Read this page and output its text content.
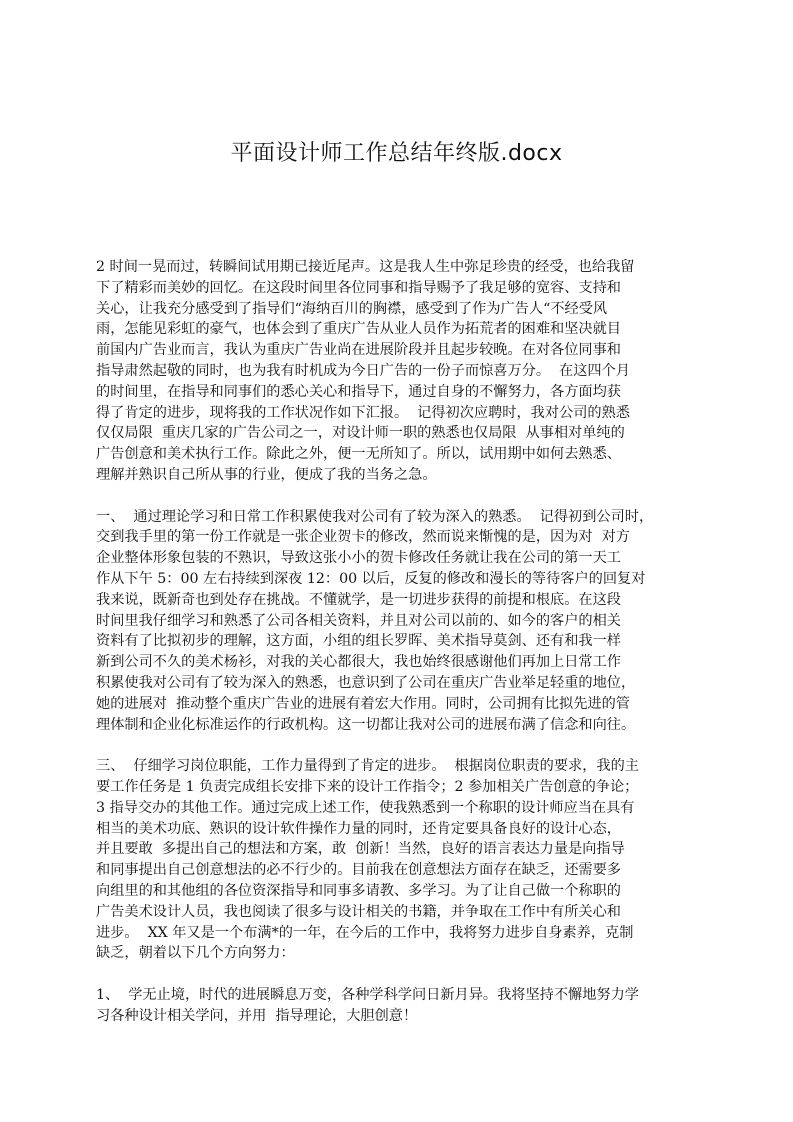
平面设计师工作总结年终版.docx

2 时间一晃而过，转瞬间试用期已接近尾声。这是我人生中弥足珍贵的经受，也给我留
下了精彩而美妙的回忆。在这段时间里各位同事和指导赐予了我足够的宽容、支持和
关心，让我充分感受到了指导们“海纳百川的胸襟，感受到了作为广告人“不经受风
雨，怎能见彩虹的豪气，也体会到了重庆广告从业人员作为拓荒者的困难和坚决就目
前国内广告业而言，我认为重庆广告业尚在进展阶段并且起步较晚。在对各位同事和
指导肃然起敬的同时，也为我有时机成为今日广告的一份子而惊喜万分。  在这四个月
的时间里，在指导和同事们的悉心关心和指导下，通过自身的不懈努力，各方面均获
得了肯定的进步，现将我的工作状况作如下汇报。  记得初次应聘时，我对公司的熟悉
仅仅局限  重庆几家的广告公司之一，对设计师一职的熟悉也仅局限  从事相对单纯的
广告创意和美术执行工作。除此之外，便一无所知了。所以，试用期中如何去熟悉、
理解并熟识自己所从事的行业，便成了我的当务之急。

一、  通过理论学习和日常工作积累使我对公司有了较为深入的熟悉。  记得初到公司时，
交到我手里的第一份工作就是一张企业贺卡的修改，然而说来惭愧的是，因为对  对方
企业整体形象包装的不熟识，导致这张小小的贺卡修改任务就让我在公司的第一天工
作从下午 5：00 左右持续到深夜 12：00 以后，反复的修改和漫长的等待客户的回复对
我来说，既新奇也到处存在挑战。不懂就学，是一切进步获得的前提和根底。在这段
时间里我仔细学习和熟悉了公司各相关资料，并且对公司以前的、如今的客户的相关
资料有了比拟初步的理解，这方面，小组的组长罗晖、美术指导莫剑、还有和我一样
新到公司不久的美术杨衫，对我的关心都很大，我也始终很感谢他们再加上日常工作
积累使我对公司有了较为深入的熟悉，也意识到了公司在重庆广告业举足轻重的地位，
她的进展对  推动整个重庆广告业的进展有着宏大作用。同时，公司拥有比拟先进的管
理体制和企业化标准运作的行政机构。这一切都让我对公司的进展布满了信念和向往。

三、  仔细学习岗位职能，工作力量得到了肯定的进步。  根据岗位职责的要求，我的主
要工作任务是 1 负责完成组长安排下来的设计工作指令；2 参加相关广告创意的争论；
3 指导交办的其他工作。通过完成上述工作，使我熟悉到一个称职的设计师应当在具有
相当的美术功底、熟识的设计软件操作力量的同时，还肯定要具备良好的设计心态，
并且要敢  多提出自己的想法和方案，敢  创新！当然，良好的语言表达力量是向指导
和同事提出自己创意想法的必不行少的。目前我在创意想法方面存在缺乏，还需要多
向组里的和其他组的各位资深指导和同事多请教、多学习。为了让自己做一个称职的
广告美术设计人员，我也阅读了很多与设计相关的书籍，并争取在工作中有所关心和
进步。  XX 年又是一个布满*的一年，在今后的工作中，我将努力进步自身素养，克制
缺乏，朝着以下几个方向努力：

1、  学无止境，时代的进展瞬息万变，各种学科学问日新月异。我将坚持不懈地努力学
习各种设计相关学问，并用  指导理论，大胆创意！
